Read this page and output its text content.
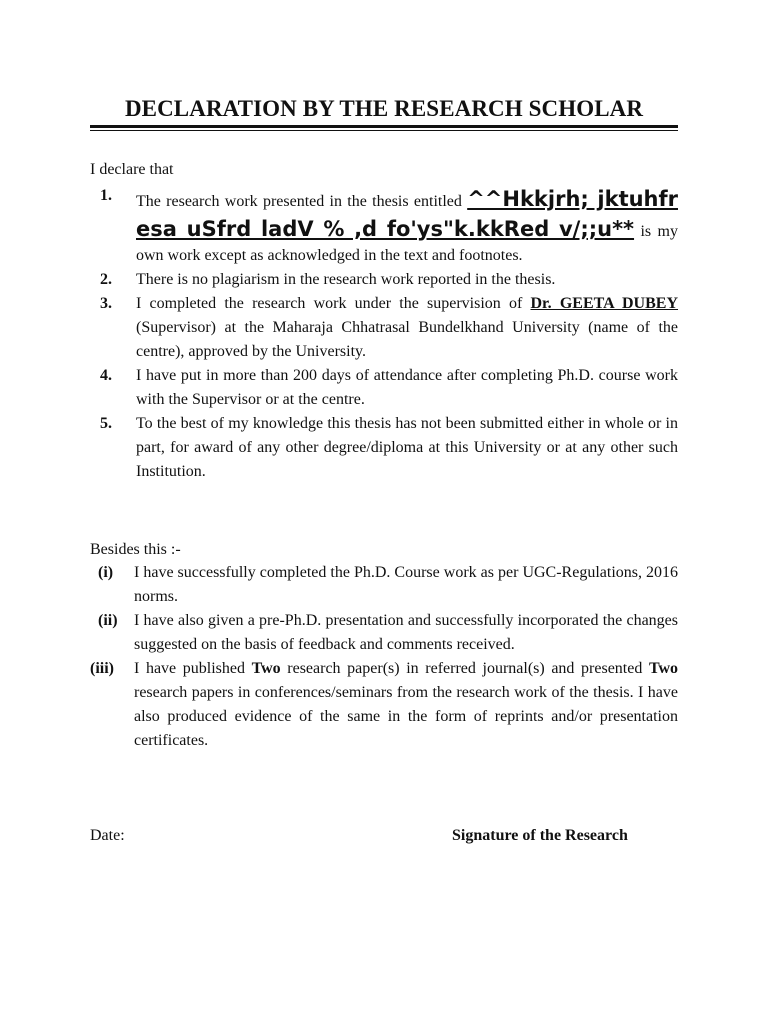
DECLARATION BY THE RESEARCH SCHOLAR
I declare that
1. The research work presented in the thesis entitled ^^Hkkjrh; jktuhfr esa uSfrd ladV % ,d fo'ys"k.kkRed v/;;u** is my own work except as acknowledged in the text and footnotes.
2. There is no plagiarism in the research work reported in the thesis.
3. I completed the research work under the supervision of Dr. GEETA DUBEY (Supervisor) at the Maharaja Chhatrasal Bundelkhand University (name of the centre), approved by the University.
4. I have put in more than 200 days of attendance after completing Ph.D. course work with the Supervisor or at the centre.
5. To the best of my knowledge this thesis has not been submitted either in whole or in part, for award of any other degree/diploma at this University or at any other such Institution.
Besides this :-
(i) I have successfully completed the Ph.D. Course work as per UGC-Regulations, 2016 norms.
(ii) I have also given a pre-Ph.D. presentation and successfully incorporated the changes suggested on the basis of feedback and comments received.
(iii) I have published Two research paper(s) in referred journal(s) and presented Two research papers in conferences/seminars from the research work of the thesis. I have also produced evidence of the same in the form of reprints and/or presentation certificates.
Date:	Signature of the Research
